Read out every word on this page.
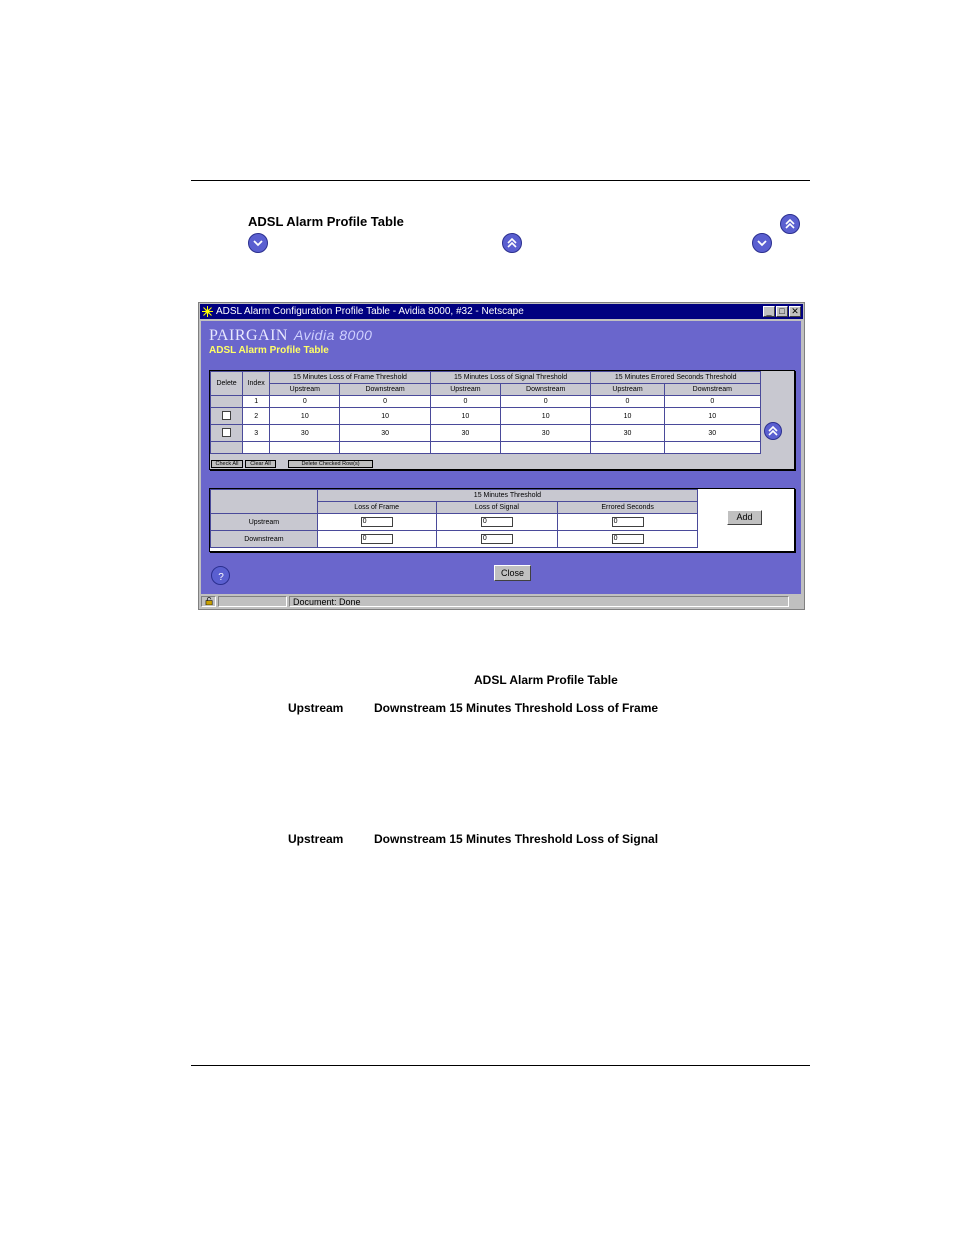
ADSL Alarm Profile Table
ADSL Alarm Configuration Profile Table - Avidia 8000, #32 - Netscape	_ □ ✕
PAIRGAIN Avidia 8000
ADSL Alarm Profile Table
Delete	Index	15 Minutes Loss of Frame Threshold		15 Minutes Loss of Signal Threshold		15 Minutes Errored Seconds Threshold	
		Upstream	Downstream	Upstream	Downstream	Upstream	Downstream
	1	0	0	0	0	0	0
	2	10	10	10	10	10	10
	3	30	30	30	30	30	30

Check All	Clear All	Delete Checked Row(s)
	15 Minutes Threshold		
	Loss of Frame	Loss of Signal	Errored Seconds
Upstream	0	0	0
Downstream	0	0	0
Add
?	Close
Document: Done
ADSL Alarm Profile Table
Upstream	Downstream 15 Minutes Threshold Loss of Frame
Upstream	Downstream 15 Minutes Threshold Loss of Signal
